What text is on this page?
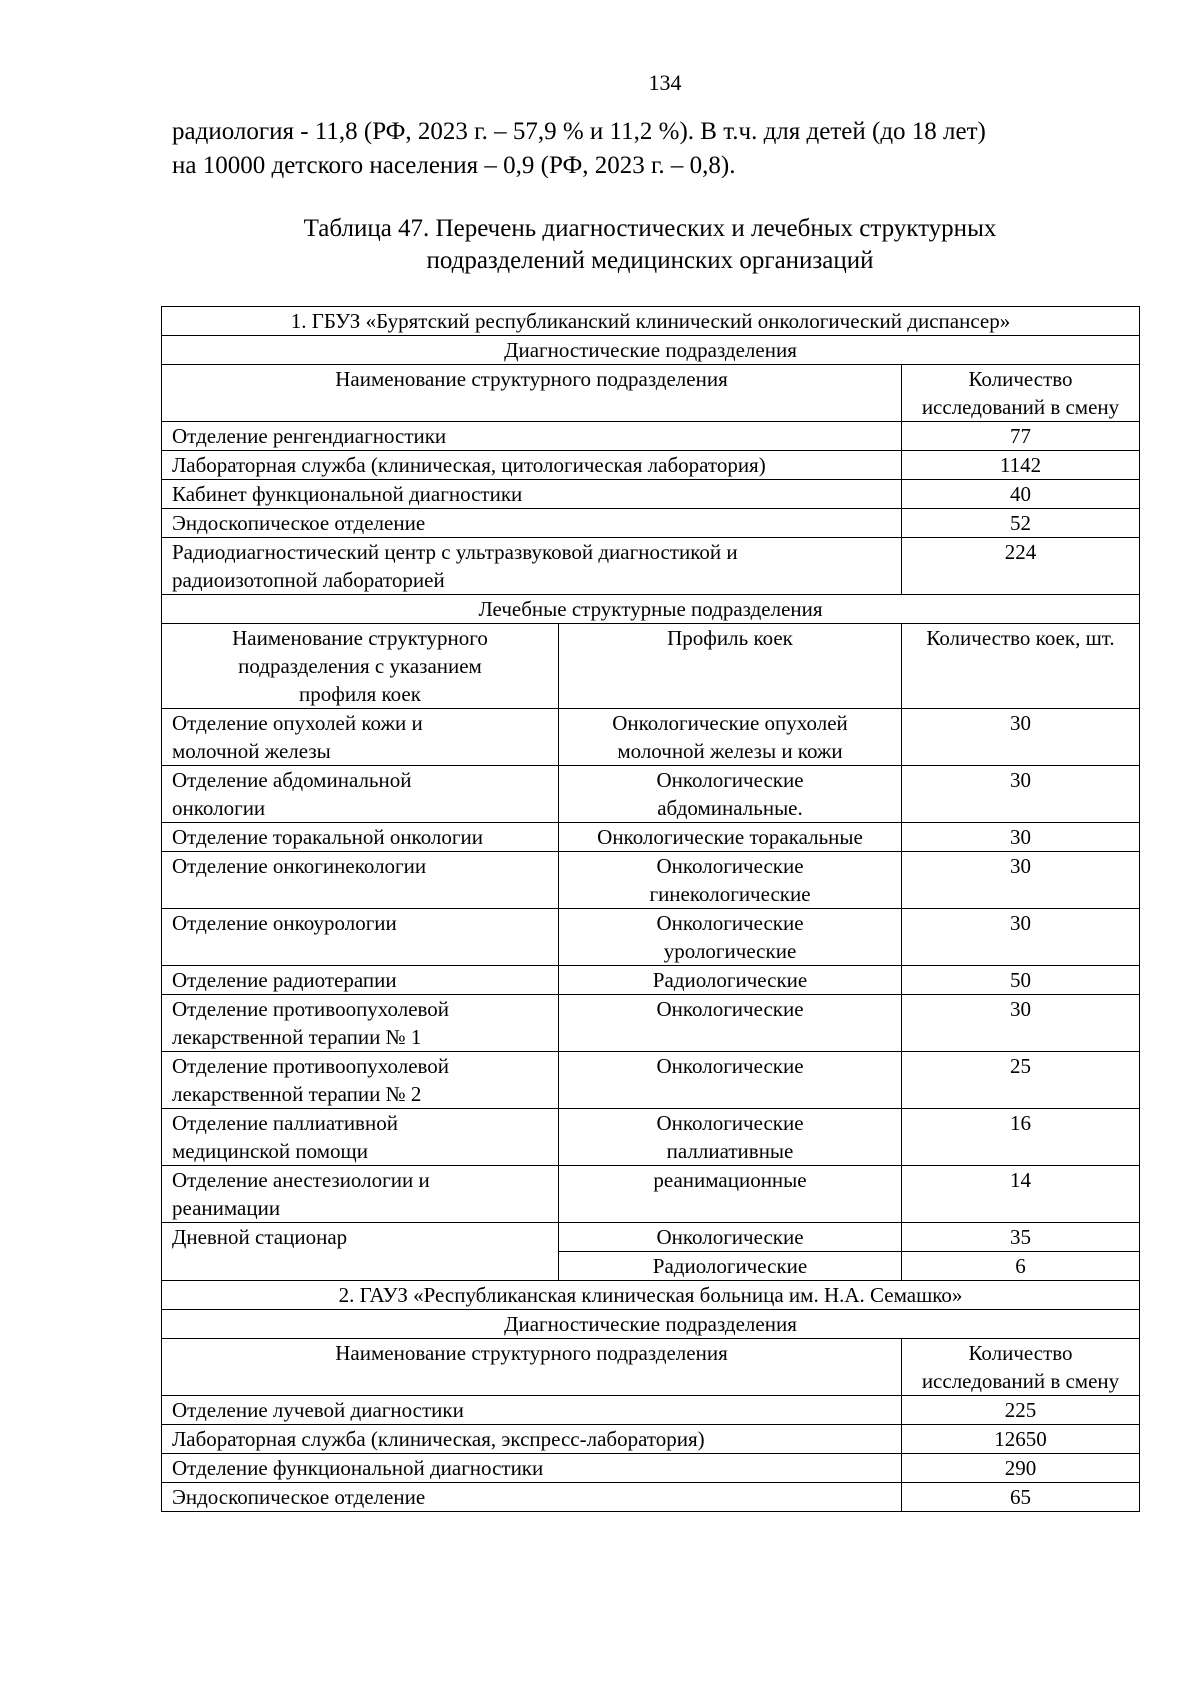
134

радиология - 11,8 (РФ, 2023 г. – 57,9 % и 11,2 %). В т.ч. для детей (до 18 лет)

на 10000 детского населения – 0,9 (РФ, 2023 г. – 0,8).

Таблица 47. Перечень диагностических и лечебных структурных

подразделений медицинских организаций

1. ГБУЗ «Бурятский республиканский клинический онкологический диспансер»		
Диагностические подразделения		
Наименование структурного подразделения		Количество исследований в смену
Отделение ренгендиагностики		77
Лабораторная служба (клиническая, цитологическая лаборатория)		1142
Кабинет функциональной диагностики		40
Эндоскопическое отделение		52
Радиодиагностический центр с ультразвуковой диагностикой и радиоизотопной лабораторией		224
Лечебные структурные подразделения		
Наименование структурного подразделения с указанием профиля коек	Профиль коек	Количество коек, шт.
Отделение опухолей кожи и молочной железы	Онкологические опухолей молочной железы и кожи	30
Отделение абдоминальной онкологии	Онкологические абдоминальные.	30
Отделение торакальной онкологии	Онкологические торакальные	30
Отделение онкогинекологии	Онкологические гинекологические	30
Отделение онкоурологии	Онкологические урологические	30
Отделение радиотерапии	Радиологические	50
Отделение противоопухолевой лекарственной терапии № 1	Онкологические	30
Отделение противоопухолевой лекарственной терапии № 2	Онкологические	25
Отделение паллиативной медицинской помощи	Онкологические паллиативные	16
Отделение анестезиологии и реанимации	реанимационные	14
Дневной стационар	Онкологические	35
	Радиологические	6
2. ГАУЗ «Республиканская клиническая больница им. Н.А. Семашко»		
Диагностические подразделения		
Наименование структурного подразделения		Количество исследований в смену
Отделение лучевой диагностики		225
Лабораторная служба (клиническая, экспресс-лаборатория)		12650
Отделение функциональной диагностики		290
Эндоскопическое отделение		65
